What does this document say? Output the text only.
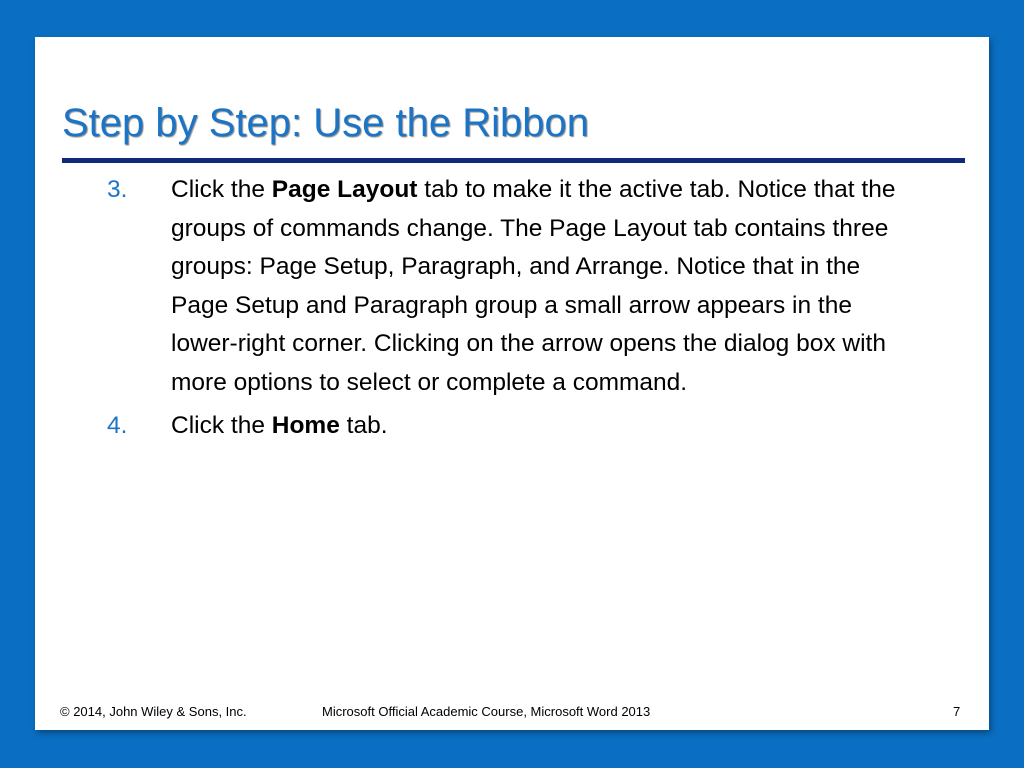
Step by Step: Use the Ribbon
3.	Click the Page Layout tab to make it the active tab. Notice that the groups of commands change. The Page Layout tab contains three groups: Page Setup, Paragraph, and Arrange. Notice that in the Page Setup and Paragraph group a small arrow appears in the lower-right corner. Clicking on the arrow opens the dialog box with more options to select or complete a command.
4.	Click the Home tab.
© 2014, John Wiley & Sons, Inc.	Microsoft Official Academic Course, Microsoft Word 2013	7
